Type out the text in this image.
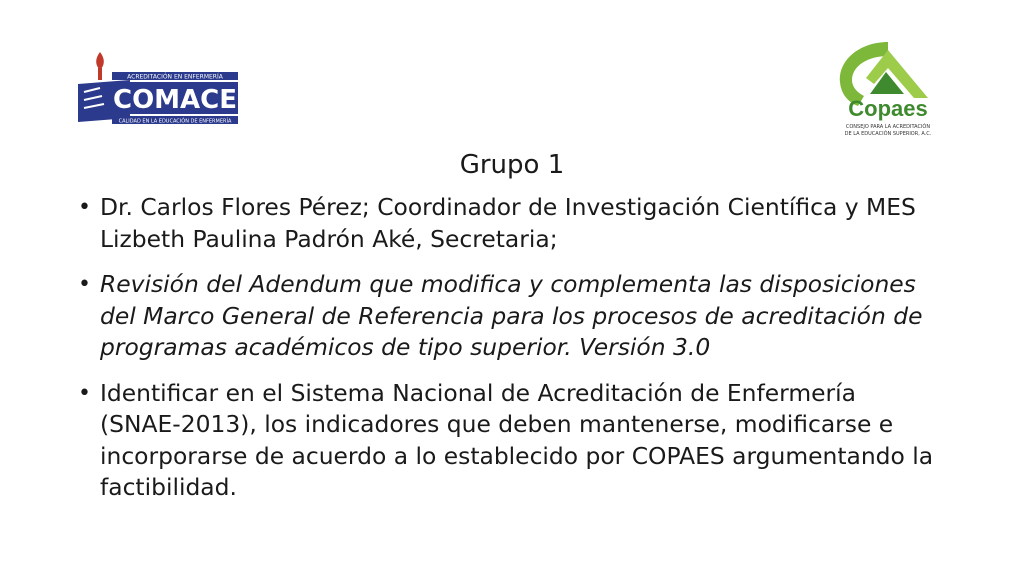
ACREDITACIÓN EN ENFERMERÍA
COMACE
CALIDAD EN LA EDUCACIÓN DE ENFERMERÍA
Copaes
CONSEJO PARA LA ACREDITACIÓN
DE LA EDUCACIÓN SUPERIOR, A.C.
Grupo 1
• Dr. Carlos Flores Pérez; Coordinador de Investigación Científica y MES Lizbeth Paulina Padrón Aké, Secretaria;
• Revisión del Adendum que modifica y complementa las disposiciones del Marco General de Referencia para los procesos de acreditación de programas académicos de tipo superior. Versión 3.0
• Identificar en el Sistema Nacional de Acreditación de Enfermería (SNAE-2013), los indicadores que deben mantenerse, modificarse e incorporarse de acuerdo a lo establecido por COPAES argumentando la factibilidad.
